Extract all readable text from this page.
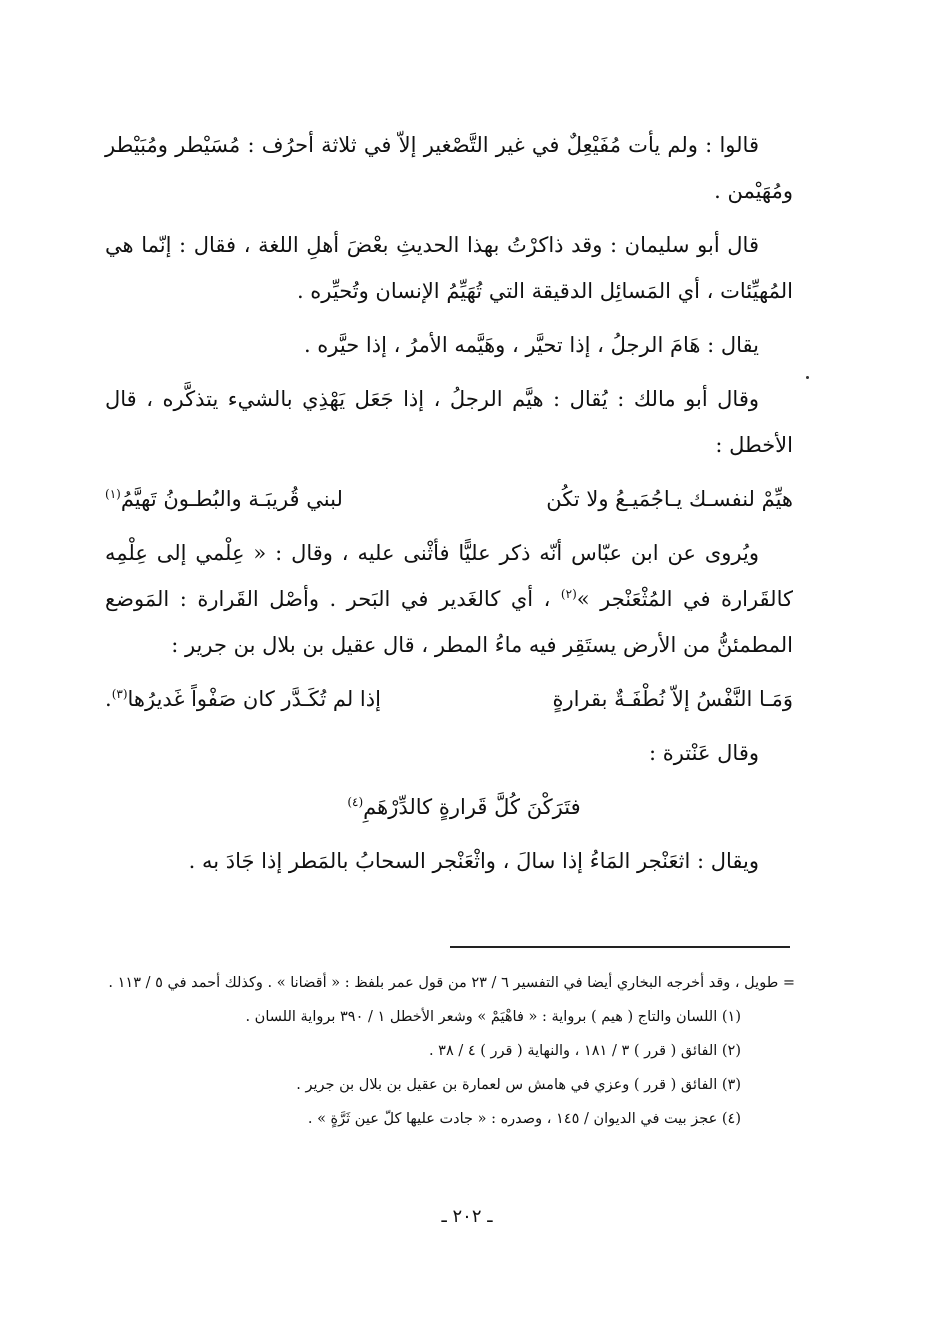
قالوا : ولم يأت مُفَيْعِلٌ في غير التَّصْغير إلاّ في ثلاثة أحرُف : مُسَيْطر ومُبَيْطر ومُهَيْمن .

قال أبو سليمان : وقد ذاكرْتُ بهذا الحديثِ بعْضَ أهلِ اللغة ، فقال : إنّما هي المُهيِّئات ، أي المَسائِل الدقيقة التي تُهَيِّمُ الإنسان وتُحيِّره .

يقال : هَامَ الرجلُ ، إذا تحيَّر ، وهَيَّمه الأمرُ ، إذا حيَّره .

وقال أبو مالك : يُقال : هيَّم الرجلُ ، إذا جَعَل يَهْذِي بالشيء يتذكَّره ، قال الأخطل :

هيِّمْ لنفسـك يـاجُمَيـعُ ولا تكُن
لبني قُريبَـة والبُطـونُ تَهيَّمُ$^{(١)}$

ويُروى عن ابن عبّاس أنّه ذكر عليًّا فأثْنى عليه ، وقال : « عِلْمي إلى عِلْمِه كالقَرارة في المُثْعَنْجر »$^{(٢)}$ ، أي كالغَدير في البَحر . وأصْل القَرارة : المَوضع المطمئنُّ من الأرض يستَقِر فيه ماءُ المطر ، قال عقيل بن بلال بن جرير :

وَمَـا النَّفْسُ إلاّ نُطْفَـةٌ بقرارةٍ
إذا لم تُكَـدَّر كان صَفْواً غَديرُها$^{(٣)}$.

وقال عَنْترة :

فتَرَكْنَ كُلَّ قَرارةٍ كالدِّرْهَمِ$^{(٤)}$

ويقال : اثعَنْجر المَاءُ إذا سالَ ، واثْعَنْجر السحابُ بالمَطر إذا جَادَ به .

= طويل ، وقد أخرجه البخاري أيضا في التفسير ٦ / ٢٣ من قول عمر بلفظ : « أقضانا » . وكذلك أحمد في ٥ / ١١٣ .
(١) اللسان والتاج ( هيم ) برواية : « فاهْيَمْ » وشعر الأخطل ١ / ٣٩٠ برواية اللسان .
(٢) الفائق ( قرر ) ٣ / ١٨١ ، والنهاية ( قرر ) ٤ / ٣٨ .
(٣) الفائق ( قرر ) وعزي في هامش س لعمارة بن عقيل بن بلال بن جرير .
(٤) عجز بيت في الديوان / ١٤٥ ، وصدره : « جادت عليها كلّ عين ثَرَّةٍ » .
ـ ٢٠٢ ـ
